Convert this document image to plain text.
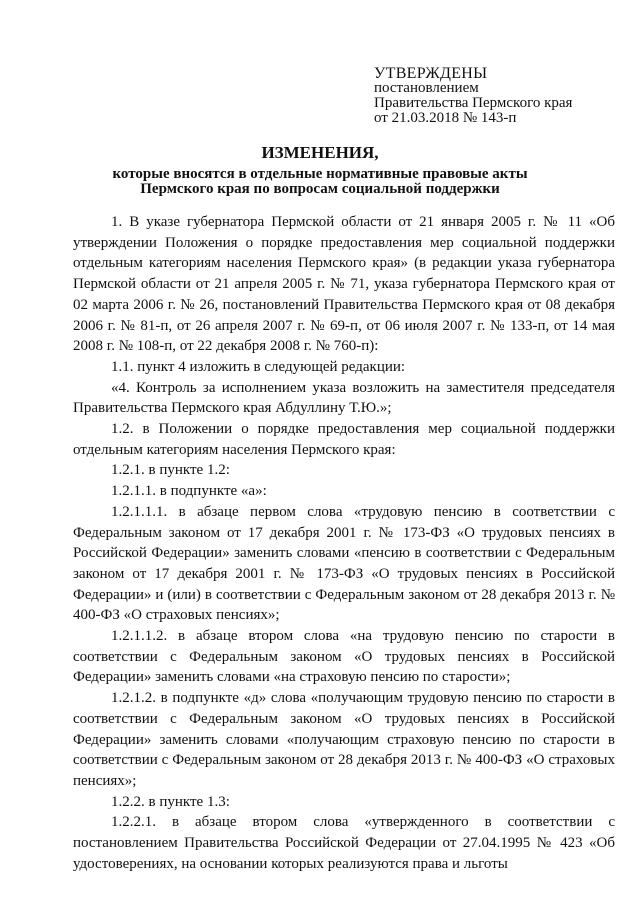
УТВЕРЖДЕНЫ
постановлением
Правительства Пермского края
от 21.03.2018 № 143-п
ИЗМЕНЕНИЯ,
которые вносятся в отдельные нормативные правовые акты
Пермского края по вопросам социальной поддержки

1. В указе губернатора Пермской области от 21 января 2005 г. № 11 «Об утверждении Положения о порядке предоставления мер социальной поддержки отдельным категориям населения Пермского края» (в редакции указа губернатора Пермской области от 21 апреля 2005 г. № 71, указа губернатора Пермского края от 02 марта 2006 г. № 26, постановлений Правительства Пермского края от 08 декабря 2006 г. № 81-п, от 26 апреля 2007 г. № 69-п, от 06 июля 2007 г. № 133-п, от 14 мая 2008 г. № 108-п, от 22 декабря 2008 г. № 760-п):

1.1. пункт 4 изложить в следующей редакции:

«4. Контроль за исполнением указа возложить на заместителя председателя Правительства Пермского края Абдуллину Т.Ю.»;

1.2. в Положении о порядке предоставления мер социальной поддержки отдельным категориям населения Пермского края:

1.2.1. в пункте 1.2:

1.2.1.1. в подпункте «а»:

1.2.1.1.1. в абзаце первом слова «трудовую пенсию в соответствии с Федеральным законом от 17 декабря 2001 г. № 173-ФЗ «О трудовых пенсиях в Российской Федерации» заменить словами «пенсию в соответствии с Федеральным законом от 17 декабря 2001 г. № 173-ФЗ «О трудовых пенсиях в Российской Федерации» и (или) в соответствии с Федеральным законом от 28 декабря 2013 г. № 400-ФЗ «О страховых пенсиях»;

1.2.1.1.2. в абзаце втором слова «на трудовую пенсию по старости в соответствии с Федеральным законом «О трудовых пенсиях в Российской Федерации» заменить словами «на страховую пенсию по старости»;

1.2.1.2. в подпункте «д» слова «получающим трудовую пенсию по старости в соответствии с Федеральным законом «О трудовых пенсиях в Российской Федерации» заменить словами «получающим страховую пенсию по старости в соответствии с Федеральным законом от 28 декабря 2013 г. № 400-ФЗ «О страховых пенсиях»;

1.2.2. в пункте 1.3:

1.2.2.1. в абзаце втором слова «утвержденного в соответствии с постановлением Правительства Российской Федерации от 27.04.1995 № 423 «Об удостоверениях, на основании которых реализуются права и льготы
